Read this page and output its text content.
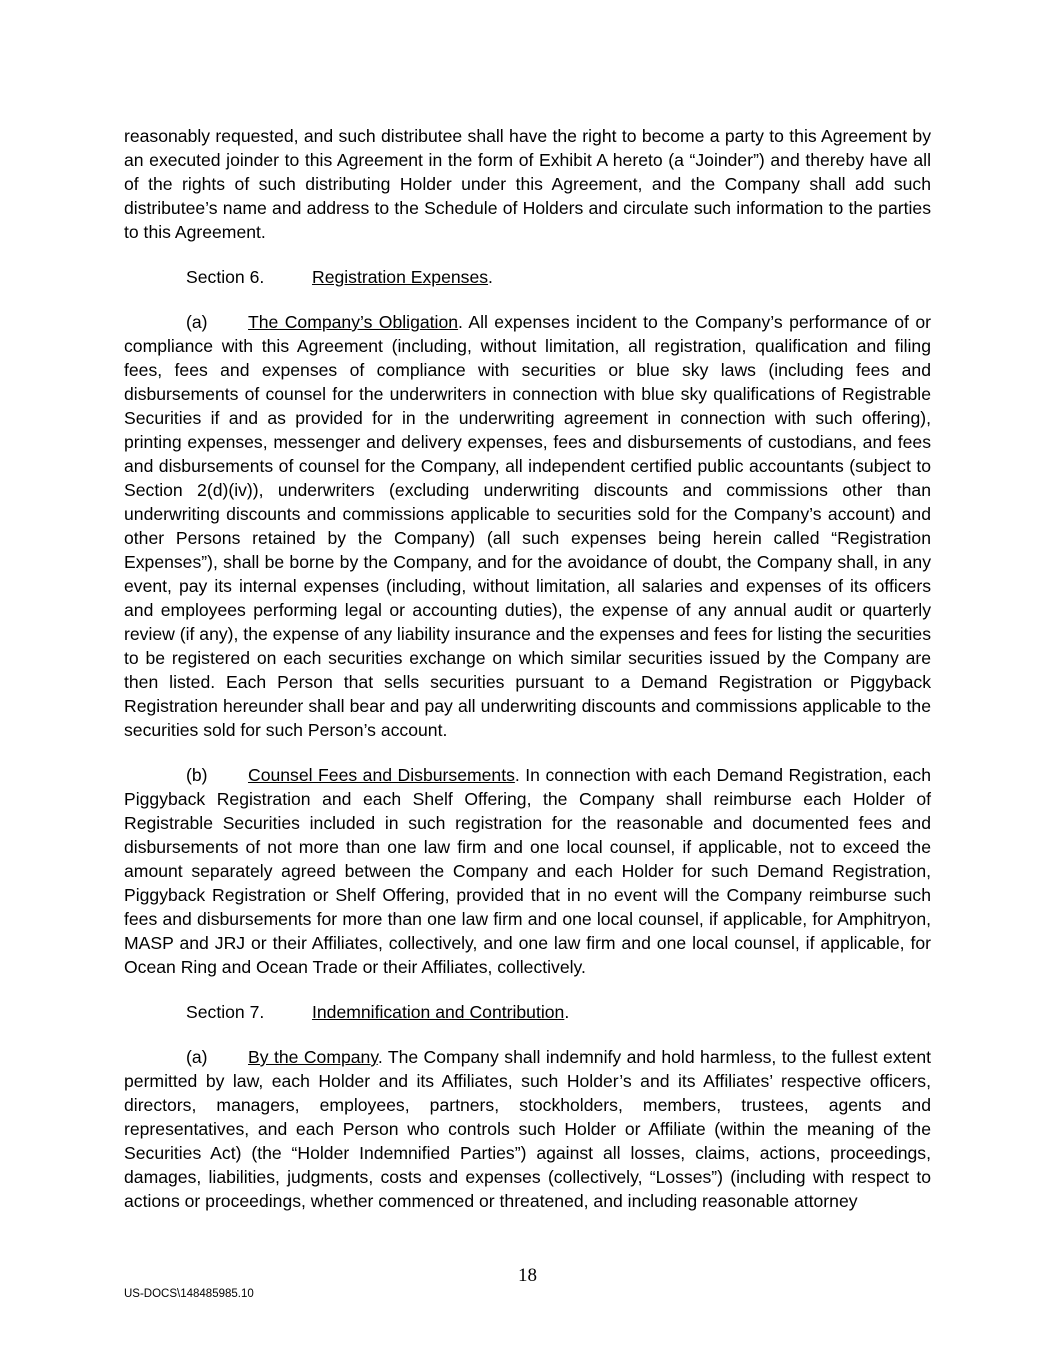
reasonably requested, and such distributee shall have the right to become a party to this Agreement by an executed joinder to this Agreement in the form of Exhibit A hereto (a “Joinder”) and thereby have all of the rights of such distributing Holder under this Agreement, and the Company shall add such distributee’s name and address to the Schedule of Holders and circulate such information to the parties to this Agreement.

Section 6.	Registration Expenses.

(a) The Company’s Obligation. All expenses incident to the Company’s performance of or compliance with this Agreement (including, without limitation, all registration, qualification and filing fees, fees and expenses of compliance with securities or blue sky laws (including fees and disbursements of counsel for the underwriters in connection with blue sky qualifications of Registrable Securities if and as provided for in the underwriting agreement in connection with such offering), printing expenses, messenger and delivery expenses, fees and disbursements of custodians, and fees and disbursements of counsel for the Company, all independent certified public accountants (subject to Section 2(d)(iv)), underwriters (excluding underwriting discounts and commissions other than underwriting discounts and commissions applicable to securities sold for the Company’s account) and other Persons retained by the Company) (all such expenses being herein called “Registration Expenses”), shall be borne by the Company, and for the avoidance of doubt, the Company shall, in any event, pay its internal expenses (including, without limitation, all salaries and expenses of its officers and employees performing legal or accounting duties), the expense of any annual audit or quarterly review (if any), the expense of any liability insurance and the expenses and fees for listing the securities to be registered on each securities exchange on which similar securities issued by the Company are then listed. Each Person that sells securities pursuant to a Demand Registration or Piggyback Registration hereunder shall bear and pay all underwriting discounts and commissions applicable to the securities sold for such Person’s account.

(b) Counsel Fees and Disbursements. In connection with each Demand Registration, each Piggyback Registration and each Shelf Offering, the Company shall reimburse each Holder of Registrable Securities included in such registration for the reasonable and documented fees and disbursements of not more than one law firm and one local counsel, if applicable, not to exceed the amount separately agreed between the Company and each Holder for such Demand Registration, Piggyback Registration or Shelf Offering, provided that in no event will the Company reimburse such fees and disbursements for more than one law firm and one local counsel, if applicable, for Amphitryon, MASP and JRJ or their Affiliates, collectively, and one law firm and one local counsel, if applicable, for Ocean Ring and Ocean Trade or their Affiliates, collectively.

Section 7.	Indemnification and Contribution.

(a) By the Company. The Company shall indemnify and hold harmless, to the fullest extent permitted by law, each Holder and its Affiliates, such Holder’s and its Affiliates’ respective officers, directors, managers, employees, partners, stockholders, members, trustees, agents and representatives, and each Person who controls such Holder or Affiliate (within the meaning of the Securities Act) (the “Holder Indemnified Parties”) against all losses, claims, actions, proceedings, damages, liabilities, judgments, costs and expenses (collectively, “Losses”) (including with respect to actions or proceedings, whether commenced or threatened, and including reasonable attorney

18
US-DOCS\148485985.10
